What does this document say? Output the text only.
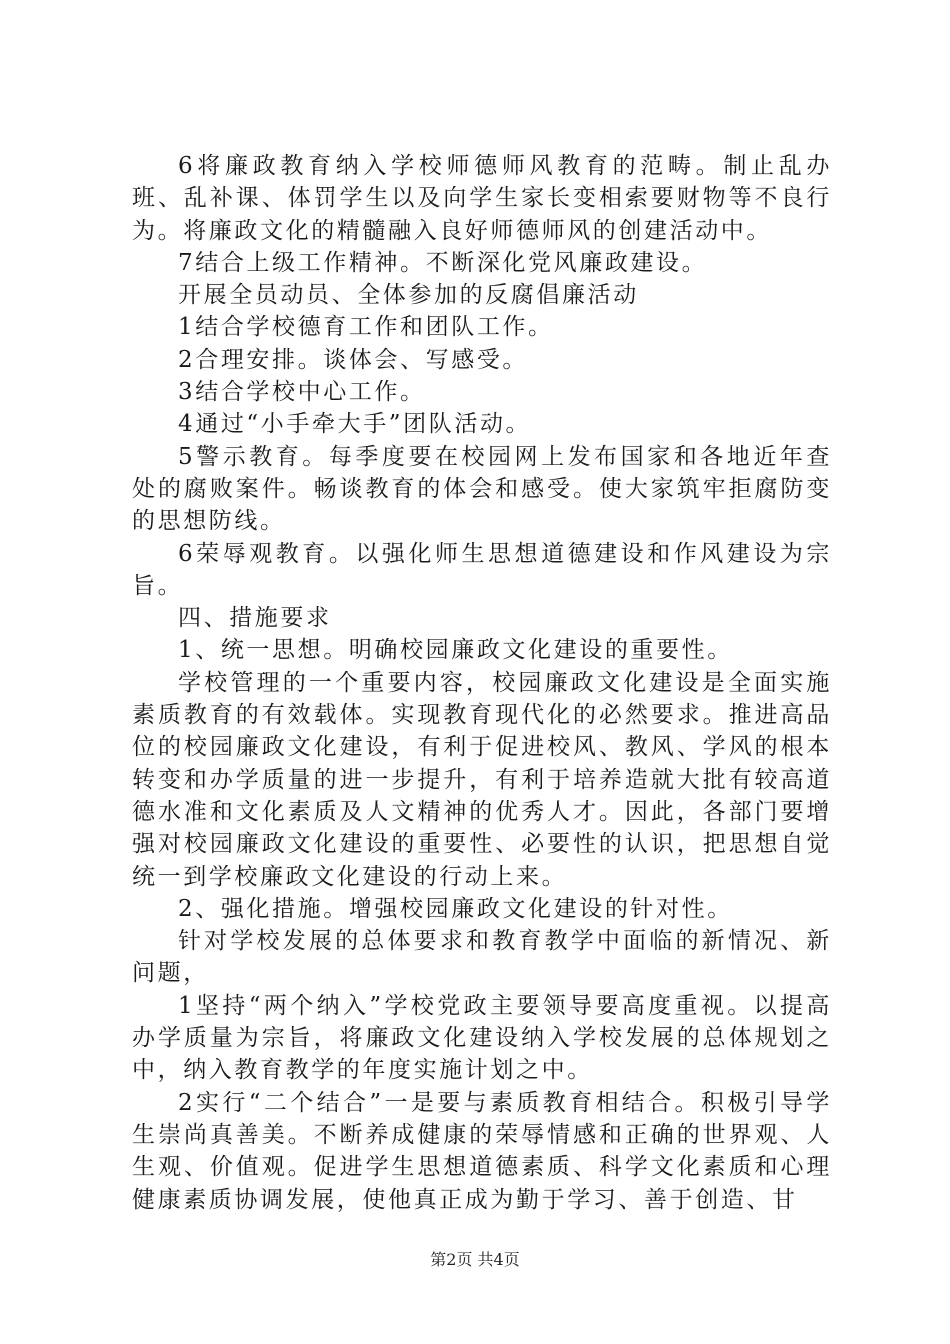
6将廉政教育纳入学校师德师风教育的范畴。制止乱办班、乱补课、体罚学生以及向学生家长变相索要财物等不良行为。将廉政文化的精髓融入良好师德师风的创建活动中。

7结合上级工作精神。不断深化党风廉政建设。

开展全员动员、全体参加的反腐倡廉活动

1结合学校德育工作和团队工作。

2合理安排。谈体会、写感受。

3结合学校中心工作。

4通过“小手牵大手”团队活动。

5警示教育。每季度要在校园网上发布国家和各地近年查处的腐败案件。畅谈教育的体会和感受。使大家筑牢拒腐防变的思想防线。

6荣辱观教育。以强化师生思想道德建设和作风建设为宗旨。

四、措施要求

1、统一思想。明确校园廉政文化建设的重要性。

学校管理的一个重要内容，校园廉政文化建设是全面实施素质教育的有效载体。实现教育现代化的必然要求。推进高品位的校园廉政文化建设，有利于促进校风、教风、学风的根本转变和办学质量的进一步提升，有利于培养造就大批有较高道德水准和文化素质及人文精神的优秀人才。因此，各部门要增强对校园廉政文化建设的重要性、必要性的认识，把思想自觉统一到学校廉政文化建设的行动上来。

2、强化措施。增强校园廉政文化建设的针对性。

针对学校发展的总体要求和教育教学中面临的新情况、新问题，

1坚持“两个纳入”学校党政主要领导要高度重视。以提高办学质量为宗旨，将廉政文化建设纳入学校发展的总体规划之中，纳入教育教学的年度实施计划之中。

2实行“二个结合”一是要与素质教育相结合。积极引导学生崇尚真善美。不断养成健康的荣辱情感和正确的世界观、人生观、价值观。促进学生思想道德素质、科学文化素质和心理健康素质协调发展，使他真正成为勤于学习、善于创造、甘

第2页 共4页
